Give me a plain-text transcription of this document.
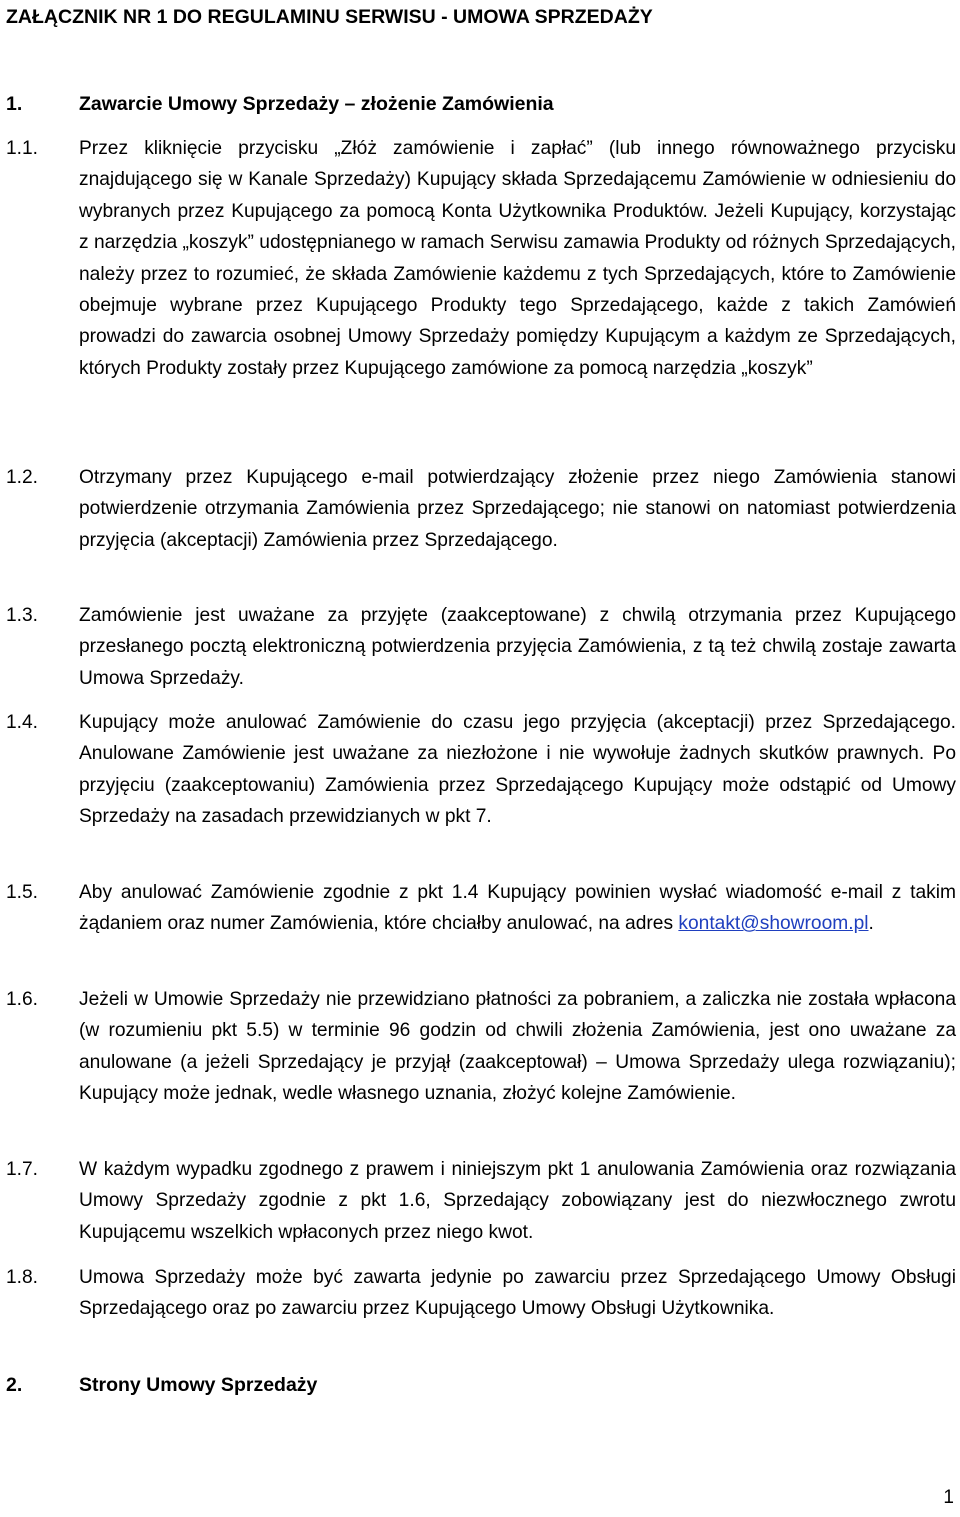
ZAŁĄCZNIK NR 1 DO REGULAMINU SERWISU - UMOWA SPRZEDAŻY
1.	Zawarcie Umowy Sprzedaży – złożenie Zamówienia
1.1. Przez kliknięcie przycisku „Złóż zamówienie i zapłać” (lub innego równoważnego przycisku znajdującego się w Kanale Sprzedaży) Kupujący składa Sprzedającemu Zamówienie w odniesieniu do wybranych przez Kupującego za pomocą Konta Użytkownika Produktów. Jeżeli Kupujący, korzystając z narzędzia „koszyk” udostępnianego w ramach Serwisu zamawia Produkty od różnych Sprzedających, należy przez to rozumieć, że składa Zamówienie każdemu z tych Sprzedających, które to Zamówienie obejmuje wybrane przez Kupującego Produkty tego Sprzedającego, każde z takich Zamówień prowadzi do zawarcia osobnej Umowy Sprzedaży pomiędzy Kupującym a każdym ze Sprzedających, których Produkty zostały przez Kupującego zamówione za pomocą narzędzia „koszyk”
1.2. Otrzymany przez Kupującego e-mail potwierdzający złożenie przez niego Zamówienia stanowi potwierdzenie otrzymania Zamówienia przez Sprzedającego; nie stanowi on natomiast potwierdzenia przyjęcia (akceptacji) Zamówienia przez Sprzedającego.
1.3. Zamówienie jest uważane za przyjęte (zaakceptowane) z chwilą otrzymania przez Kupującego przesłanego pocztą elektroniczną potwierdzenia przyjęcia Zamówienia, z tą też chwilą zostaje zawarta Umowa Sprzedaży.
1.4. Kupujący może anulować Zamówienie do czasu jego przyjęcia (akceptacji) przez Sprzedającego. Anulowane Zamówienie jest uważane za niezłożone i nie wywołuje żadnych skutków prawnych. Po przyjęciu (zaakceptowaniu) Zamówienia przez Sprzedającego Kupujący może odstąpić od Umowy Sprzedaży na zasadach przewidzianych w pkt 7.
1.5. Aby anulować Zamówienie zgodnie z pkt 1.4 Kupujący powinien wysłać wiadomość e-mail z takim żądaniem oraz numer Zamówienia, które chciałby anulować, na adres kontakt@showroom.pl.
1.6. Jeżeli w Umowie Sprzedaży nie przewidziano płatności za pobraniem, a zaliczka nie została wpłacona (w rozumieniu pkt 5.5) w terminie 96 godzin od chwili złożenia Zamówienia, jest ono uważane za anulowane (a jeżeli Sprzedający je przyjął (zaakceptował) – Umowa Sprzedaży ulega rozwiązaniu); Kupujący może jednak, wedle własnego uznania, złożyć kolejne Zamówienie.
1.7. W każdym wypadku zgodnego z prawem i niniejszym pkt 1 anulowania Zamówienia oraz rozwiązania Umowy Sprzedaży zgodnie z pkt 1.6, Sprzedający zobowiązany jest do niezwłocznego zwrotu Kupującemu wszelkich wpłaconych przez niego kwot.
1.8. Umowa Sprzedaży może być zawarta jedynie po zawarciu przez Sprzedającego Umowy Obsługi Sprzedającego oraz po zawarciu przez Kupującego Umowy Obsługi Użytkownika.
2.	Strony Umowy Sprzedaży
1
